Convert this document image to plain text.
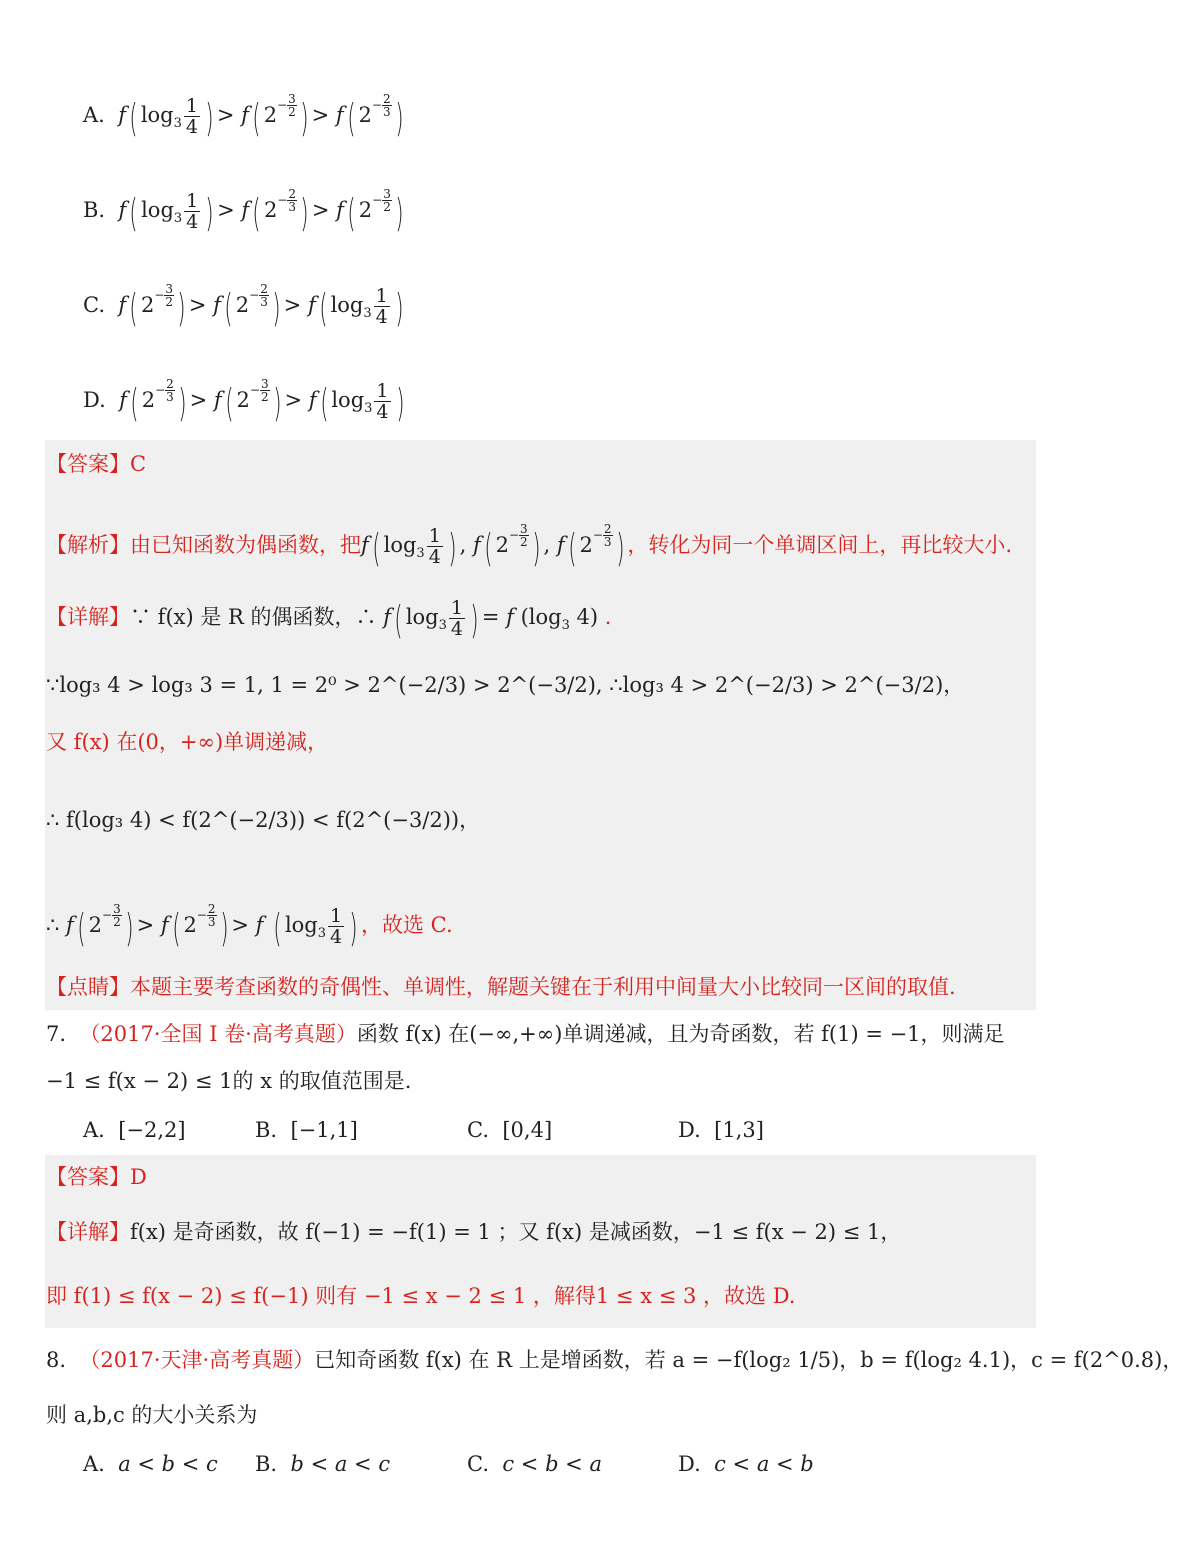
A. f( $\log_3 \frac{1}{4}$ ) > f( 2− 3
2 ) > f( 2− 2
3 )
B. f( $\log_3 \frac{1}{4}$ ) > f( 2− 2
3 ) > f( 2− 3
2 )
C. f( 2− 3
2 ) > f( 2− 2
3 ) > f( $\log_3 \frac{1}{4}$ )
D. f( 2− 2
3 ) > f( 2− 3
2 ) > f( $\log_3 \frac{1}{4}$ )
【答案】C
【解析】由已知函数为偶函数，把f( $\log_3 \frac{1}{4}$ ) , f( 2− 3
2 ) , f( 2− 2
3 ) ，转化为同一个单调区间上，再比较大小.
【详解】∵ f(x) 是 R 的偶函数，∴ f( $\log_3 \frac{1}{4}$ ) = f ($\log_3$ 4) .
∵log₃ 4 > log₃ 3 = 1, 1 = 2⁰ > 2^(−2/3) > 2^(−3/2), ∴log₃ 4 > 2^(−2/3) > 2^(−3/2)，
又 f(x) 在(0，+∞)单调递减，
∴ f(log₃ 4) < f(2^(−2/3)) < f(2^(−3/2))，
∴ f( 2− 3
2 ) > f( 2− 2
3 ) > f ( $\log_3 \frac{1}{4}$ ) ，故选 C.
【点睛】本题主要考查函数的奇偶性、单调性，解题关键在于利用中间量大小比较同一区间的取值.
7. （2017·全国 I 卷·高考真题）函数 f(x) 在(−∞,+∞)单调递减，且为奇函数，若 f(1) = −1，则满足
−1 ≤ f(x − 2) ≤ 1的 x 的取值范围是.
A. [−2,2]	B. [−1,1]	C. [0,4]	D. [1,3]
【答案】D
【详解】f(x) 是奇函数，故 f(−1) = −f(1) = 1 ；又 f(x) 是减函数，−1 ≤ f(x − 2) ≤ 1，
即 f(1) ≤ f(x − 2) ≤ f(−1) 则有 −1 ≤ x − 2 ≤ 1 ，解得1 ≤ x ≤ 3 ，故选 D.
8. （2017·天津·高考真题）已知奇函数 f(x) 在 R 上是增函数，若 a = −f(log₂ 1/5)，b = f(log₂ 4.1)，c = f(2^0.8)，
则 a,b,c 的大小关系为
A. a < b < c B. b < a < c	C. c < b < a	D. c < a < b
